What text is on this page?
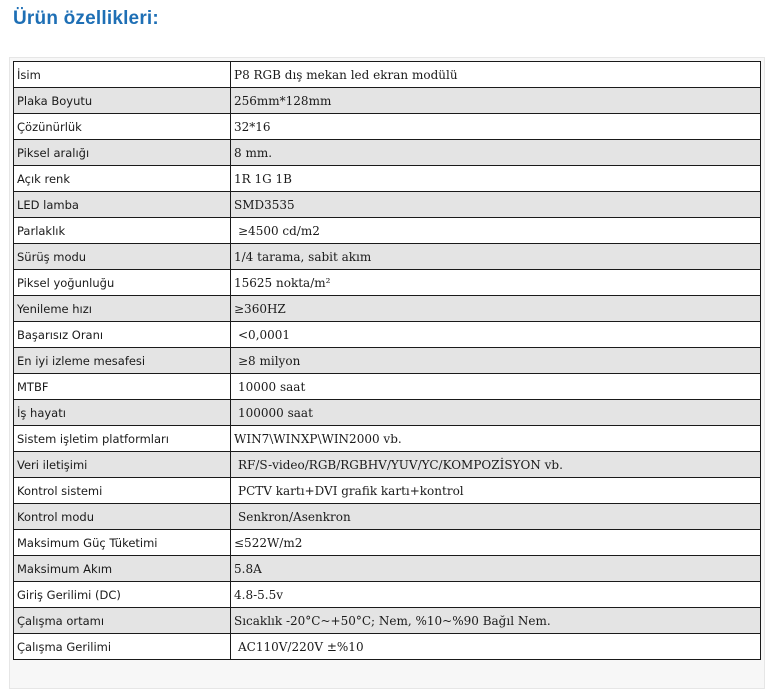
Ürün özellikleri:
İsim	P8 RGB dış mekan led ekran modülü
Plaka Boyutu	256mm*128mm
Çözünürlük	32*16
Piksel aralığı	8 mm.
Açık renk	1R 1G 1B
LED lamba	SMD3535
Parlaklık	≥4500 cd/m2
Sürüş modu	1/4 tarama, sabit akım
Piksel yoğunluğu	15625 nokta/m²
Yenileme hızı	≥360HZ
Başarısız Oranı	<0,0001
En iyi izleme mesafesi	≥8 milyon
MTBF	10000 saat
İş hayatı	100000 saat
Sistem işletim platformları	WIN7\WINXP\WIN2000 vb.
Veri iletişimi	RF/S-video/RGB/RGBHV/YUV/YC/KOMPOZİSYON vb.
Kontrol sistemi	PCTV kartı+DVI grafik kartı+kontrol
Kontrol modu	Senkron/Asenkron
Maksimum Güç Tüketimi	≤522W/m2
Maksimum Akım	5.8A
Giriş Gerilimi (DC)	4.8-5.5v
Çalışma ortamı	Sıcaklık -20°C~+50°C; Nem, %10~%90 Bağıl Nem.
Çalışma Gerilimi	AC110V/220V ±%10
